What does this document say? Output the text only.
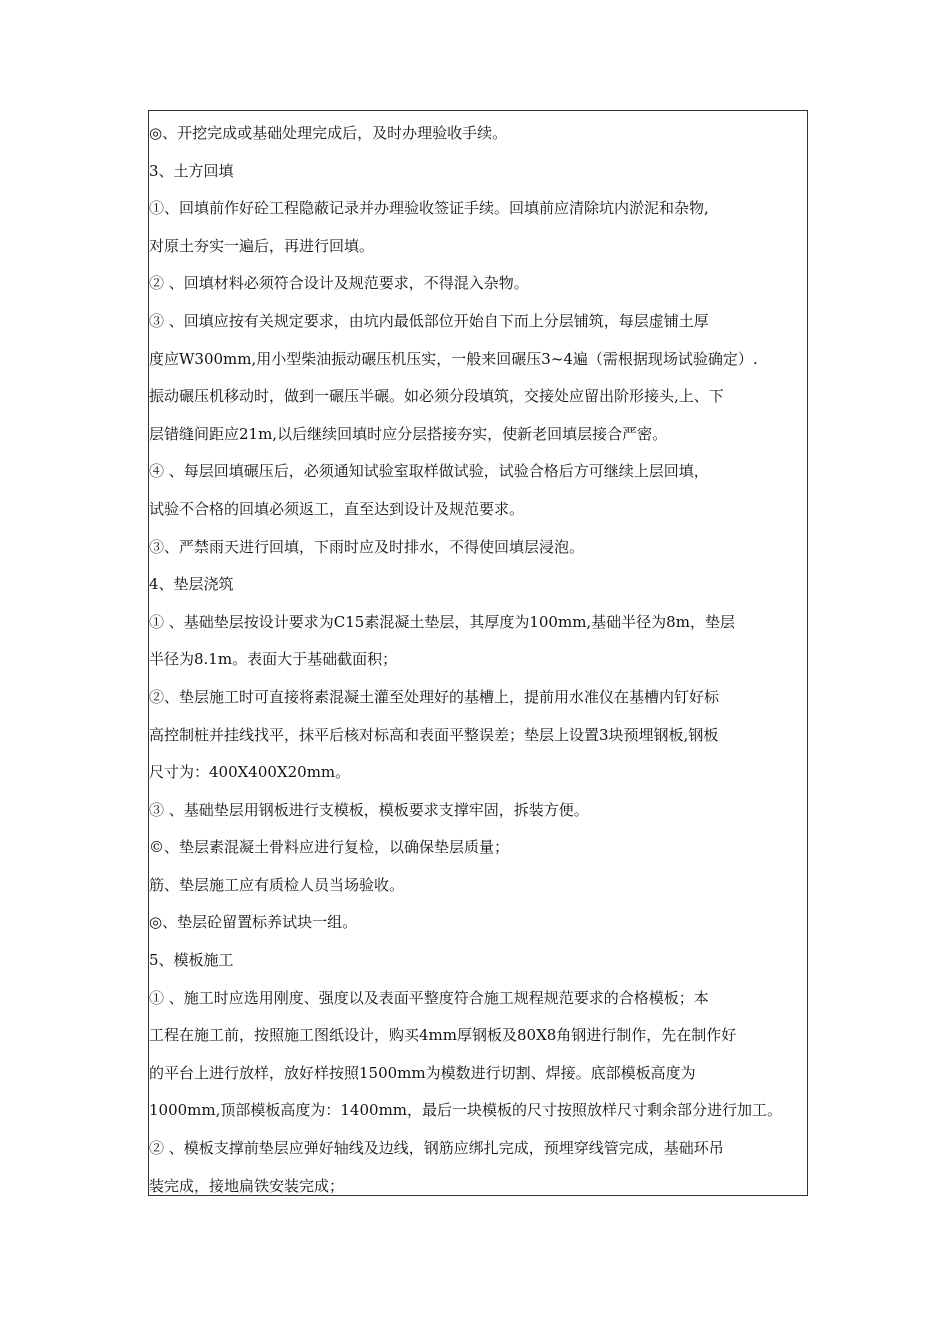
◎、开挖完成或基础处理完成后，及时办理验收手续。

3、土方回填

①、回填前作好砼工程隐蔽记录并办理验收签证手续。回填前应清除坑内淤泥和杂物,

对原土夯实一遍后，再进行回填。

② 、回填材料必须符合设计及规范要求，不得混入杂物。

③ 、回填应按有关规定要求，由坑内最低部位开始自下而上分层铺筑，每层虚铺土厚

度应W300mm,用小型柴油振动碾压机压实，一般来回碾压3~4遍（需根据现场试验确定）.

振动碾压机移动时，做到一碾压半碾。如必须分段填筑，交接处应留出阶形接头,上、下

层错缝间距应21m,以后继续回填时应分层搭接夯实，使新老回填层接合严密。

④ 、每层回填碾压后，必须通知试验室取样做试验，试验合格后方可继续上层回填，

试验不合格的回填必须返工，直至达到设计及规范要求。

③、严禁雨天进行回填，下雨时应及时排水，不得使回填层浸泡。

4、垫层浇筑

① 、基础垫层按设计要求为C15素混凝土垫层，其厚度为100mm,基础半径为8m，垫层

半径为8.1m。表面大于基础截面积；

②、垫层施工时可直接将素混凝土灌至处理好的基槽上，提前用水准仪在基槽内钉好标

高控制桩并挂线找平，抹平后核对标高和表面平整误差；垫层上设置3块预埋钢板,钢板

尺寸为：400X400X20mm。

③ 、基础垫层用钢板进行支模板，模板要求支撑牢固，拆装方便。

©、垫层素混凝土骨料应进行复检，以确保垫层质量；

筋、垫层施工应有质检人员当场验收。

◎、垫层砼留置标养试块一组。

5、模板施工

① 、施工时应选用刚度、强度以及表面平整度符合施工规程规范要求的合格模板；本

工程在施工前，按照施工图纸设计，购买4mm厚钢板及80X8角钢进行制作，先在制作好

的平台上进行放样，放好样按照1500mm为模数进行切割、焊接。底部模板高度为

1000mm,顶部模板高度为：1400mm，最后一块模板的尺寸按照放样尺寸剩余部分进行加工。

② 、模板支撑前垫层应弹好轴线及边线，钢筋应绑扎完成，预埋穿线管完成，基础环吊

装完成，接地扁铁安装完成；
